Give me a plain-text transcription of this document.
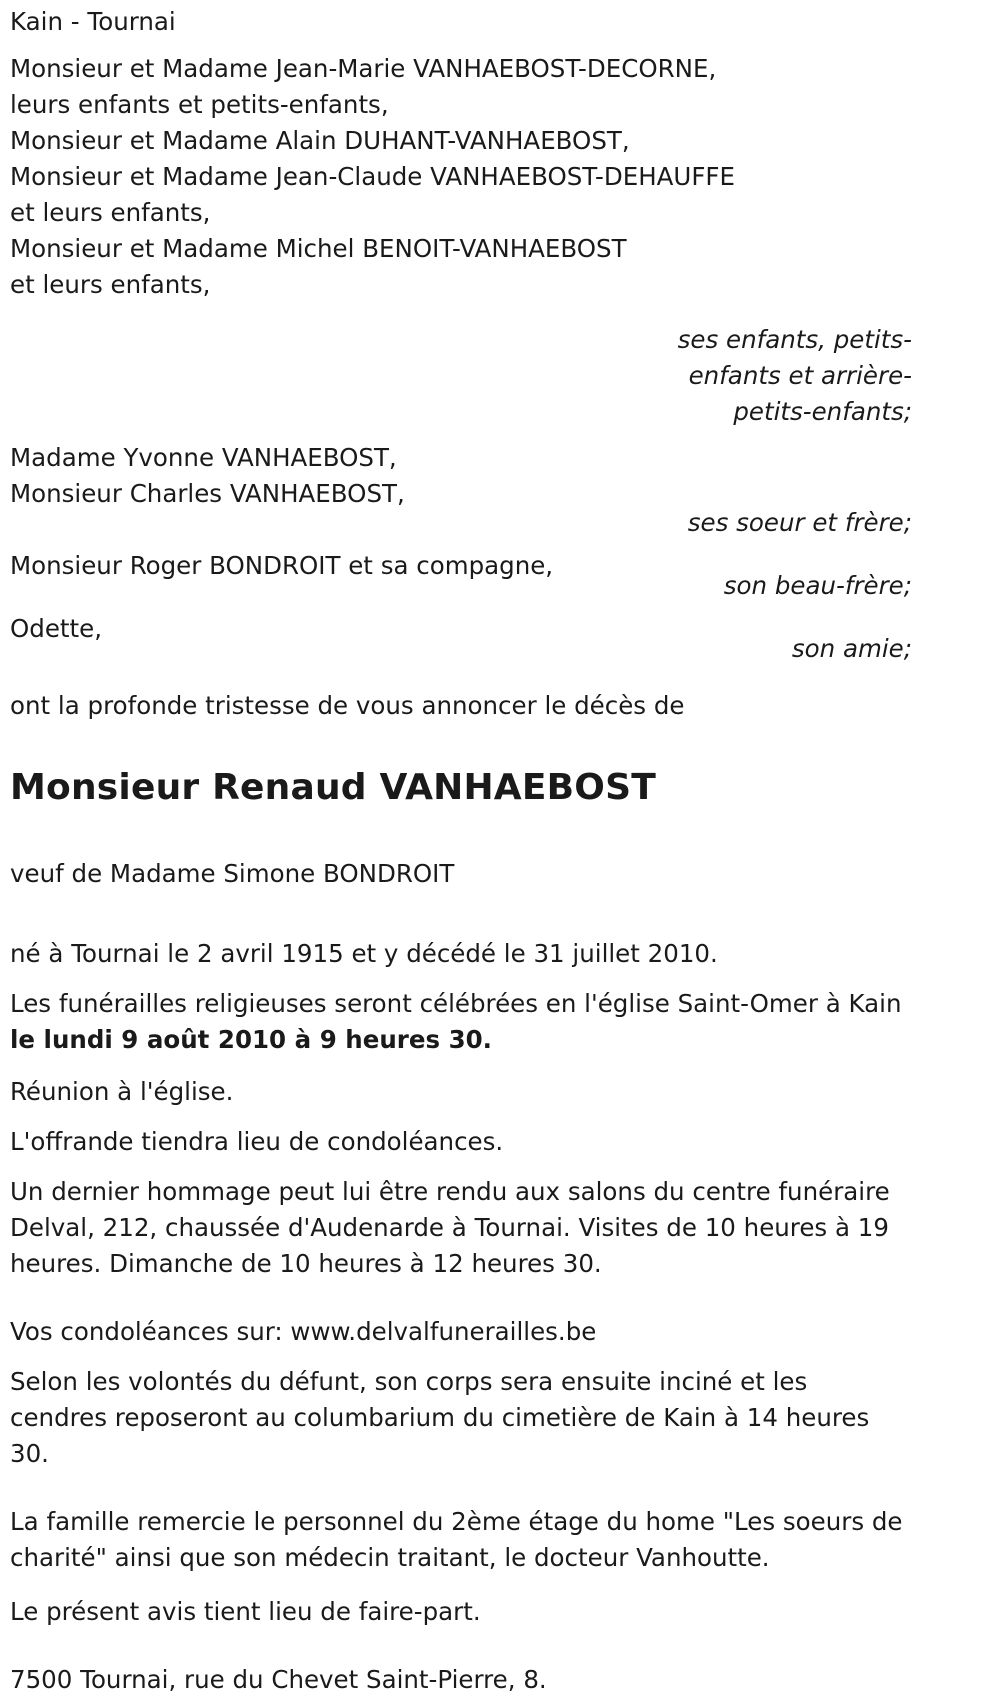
Kain - Tournai
Monsieur et Madame Jean-Marie VANHAEBOST-DECORNE,
leurs enfants et petits-enfants,
Monsieur et Madame Alain DUHANT-VANHAEBOST,
Monsieur et Madame Jean-Claude VANHAEBOST-DEHAUFFE
et leurs enfants,
Monsieur et Madame Michel BENOIT-VANHAEBOST
et leurs enfants,
ses enfants, petits-
enfants et arrière-
petits-enfants;
Madame Yvonne VANHAEBOST,
Monsieur Charles VANHAEBOST,
ses soeur et frère;
Monsieur Roger BONDROIT et sa compagne,
son beau-frère;
Odette,
son amie;
ont la profonde tristesse de vous annoncer le décès de
Monsieur Renaud VANHAEBOST
veuf de Madame Simone BONDROIT
né à Tournai le 2 avril 1915 et y décédé le 31 juillet 2010.
Les funérailles religieuses seront célébrées en l'église Saint-Omer à Kain
le lundi 9 août 2010 à 9 heures 30.
Réunion à l'église.
L'offrande tiendra lieu de condoléances.
Un dernier hommage peut lui être rendu aux salons du centre funéraire
Delval, 212, chaussée d'Audenarde à Tournai. Visites de 10 heures à 19
heures. Dimanche de 10 heures à 12 heures 30.
Vos condoléances sur: www.delvalfunerailles.be
Selon les volontés du défunt, son corps sera ensuite inciné et les
cendres reposeront au columbarium du cimetière de Kain à 14 heures
30.
La famille remercie le personnel du 2ème étage du home "Les soeurs de
charité" ainsi que son médecin traitant, le docteur Vanhoutte.
Le présent avis tient lieu de faire-part.
7500 Tournai, rue du Chevet Saint-Pierre, 8.
